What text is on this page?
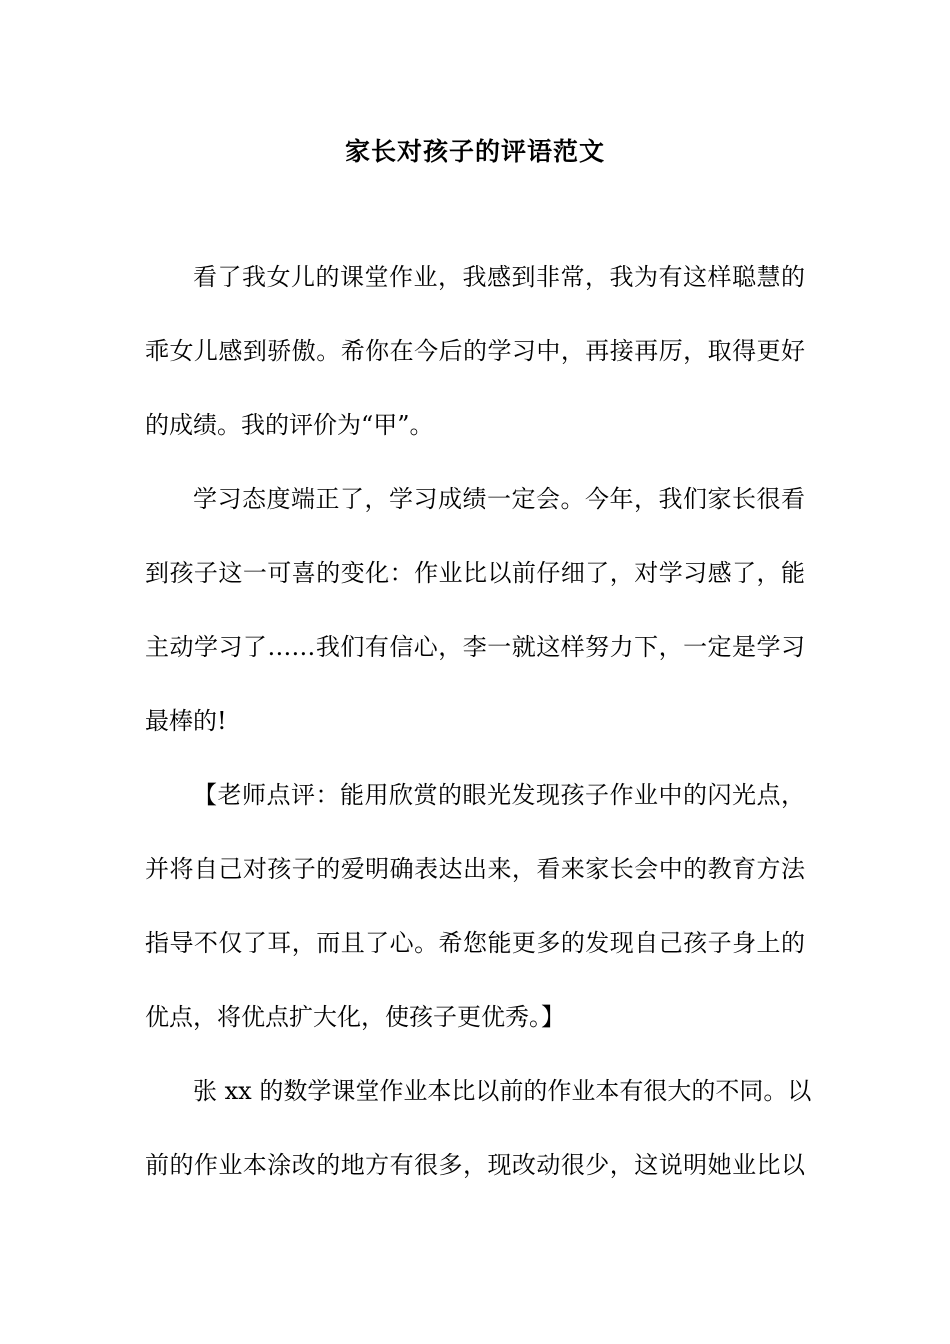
家长对孩子的评语范文
看了我女儿的课堂作业，我感到非常，我为有这样聪慧的
乖女儿感到骄傲。希你在今后的学习中，再接再厉，取得更好
的成绩。我的评价为“甲”。
学习态度端正了，学习成绩一定会。今年，我们家长很看
到孩子这一可喜的变化：作业比以前仔细了，对学习感了，能
主动学习了……我们有信心，李一就这样努力下，一定是学习
最棒的!
【老师点评：能用欣赏的眼光发现孩子作业中的闪光点，
并将自己对孩子的爱明确表达出来，看来家长会中的教育方法
指导不仅了耳，而且了心。希您能更多的发现自己孩子身上的
优点，将优点扩大化，使孩子更优秀。】
张 xx 的数学课堂作业本比以前的作业本有很大的不同。以
前的作业本涂改的地方有很多，现改动很少，这说明她业比以
